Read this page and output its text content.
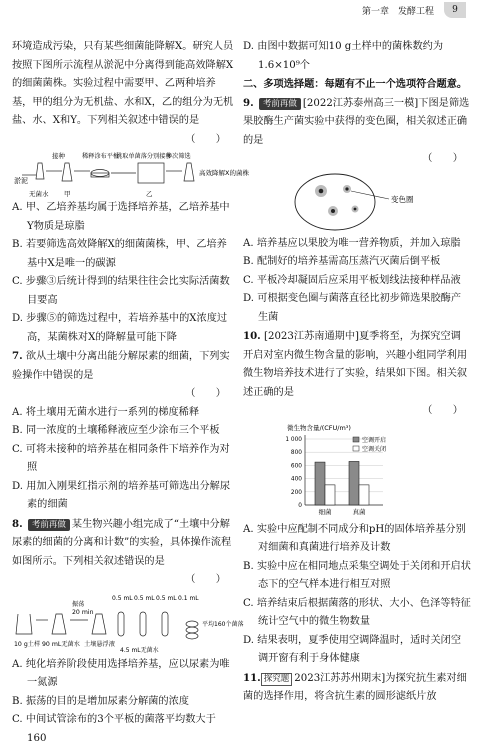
第一章　发酵工程	9

环境造成污染，只有某些细菌能降解X。研究人员按照下图所示流程从淤泥中分离得到能高效降解X的细菌菌株。实验过程中需要甲、乙两种培养基，甲的组分为无机盐、水和X，乙的组分为无机盐、水、X和Y。下列相关叙述中错误的是

（　　）

淤泥
无菌水
接种
甲
稀释涂布平板
挑取单菌落分别接种
乙
多次筛选
高效降解X的菌株

A. 甲、乙培养基均属于选择培养基，乙培养基中Y物质是琼脂

B. 若要筛选高效降解X的细菌菌株，甲、乙培养基中X是唯一的碳源

C. 步骤③后统计得到的结果往往会比实际活菌数目要高

D. 步骤⑤的筛选过程中，若培养基中的X浓度过高，某菌株对X的降解量可能下降

7. 欲从土壤中分离出能分解尿素的细菌，下列实验操作中错误的是

（　　）

A. 将土壤用无菌水进行一系列的梯度稀释

B. 同一浓度的土壤稀释液应至少涂布三个平板

C. 可将未接种的培养基在相同条件下培养作为对照

D. 用加入刚果红指示剂的培养基可筛选出分解尿素的细菌

8. 考前再做 某生物兴趣小组完成了“土壤中分解尿素的细菌的分离和计数”的实验，具体操作流程如图所示。下列相关叙述错误的是

（　　）

10 g土样 90 mL无菌水
振荡
20 min
土壤悬浮液
0.5 mL 0.5 mL 0.5 mL 0.1 mL
4.5 mL无菌水
平均160个菌落

A. 纯化培养阶段使用选择培养基，应以尿素为唯一氮源

B. 振荡的目的是增加尿素分解菌的浓度

C. 中间试管涂布的3个平板的菌落平均数大于160

D. 由图中数据可知10 g土样中的菌株数约为1.6×10⁹个

二、多项选择题：每题有不止一个选项符合题意。

9. 考前再做 [2022江苏泰州高三一模]下图是筛选果胶酶生产菌实验中获得的变色圈，相关叙述正确的是

（　　）

变色圈

A. 培养基应以果胶为唯一营养物质，并加入琼脂

B. 配制好的培养基需高压蒸汽灭菌后倒平板

C. 平板冷却凝固后应采用平板划线法接种样品液

D. 可根据变色圈与菌落直径比初步筛选果胶酶产生菌

10. [2023江苏南通期中]夏季将至，为探究空调开启对室内微生物含量的影响，兴趣小组同学利用微生物培养技术进行了实验，结果如下图。相关叙述正确的是

（　　）

微生物含量/(CFU/m³)
0
200
400
600
800
1 000
细菌	真菌
空调开启
空调关闭

A. 实验中应配制不同成分和pH的固体培养基分别对细菌和真菌进行培养及计数

B. 实验中应在相同地点采集空调处于关闭和开启状态下的空气样本进行相互对照

C. 培养结束后根据菌落的形状、大小、色泽等特征统计空气中的微生物数量

D. 结果表明，夏季使用空调降温时，适时关闭空调开窗有利于身体健康

11. 探究题 2023江苏苏州期末]为探究抗生素对细菌的选择作用，将含抗生素的圆形滤纸片放
